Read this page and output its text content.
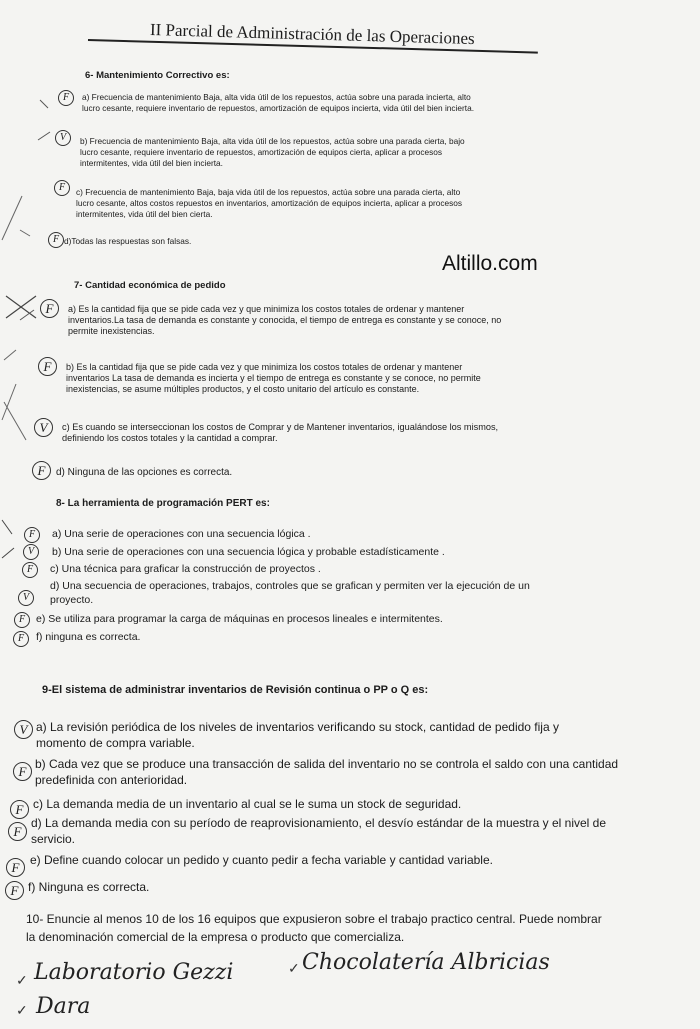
II Parcial de Administración de las Operaciones
Altillo.com
6- Mantenimiento Correctivo es:
F	a) Frecuencia de mantenimiento Baja, alta vida útil de los repuestos, actúa sobre una parada incierta, alto
lucro cesante, requiere inventario de repuestos, amortización de equipos incierta, vida útil del bien incierta.
V	b) Frecuencia de mantenimiento Baja, alta vida útil de los repuestos, actúa sobre una parada cierta, bajo
lucro cesante, requiere inventario de repuestos, amortización de equipos cierta, aplicar a procesos
intermitentes, vida útil del bien incierta.
F	c) Frecuencia de mantenimiento Baja, baja vida útil de los repuestos, actúa sobre una parada cierta, alto
lucro cesante, altos costos repuestos en inventarios, amortización de equipos incierta, aplicar a procesos
intermitentes, vida útil del bien cierta.
F d)Todas las respuestas son falsas.
7- Cantidad económica de pedido
F	a) Es la cantidad fija que se pide cada vez y que minimiza los costos totales de ordenar y mantener
inventarios.La tasa de demanda es constante y conocida, el tiempo de entrega es constante y se conoce, no
permite inexistencias.
F	b) Es la cantidad fija que se pide cada vez y que minimiza los costos totales de ordenar y mantener
inventarios La tasa de demanda es incierta y el tiempo de entrega es constante y se conoce, no permite
inexistencias, se asume múltiples productos, y el costo unitario del artículo es constante.
V	c) Es cuando se interseccionan los costos de Comprar y de Mantener inventarios, igualándose los mismos,
definiendo los costos totales y la cantidad a comprar.
F	d) Ninguna de las opciones es correcta.
8- La herramienta de programación PERT es:
F	a) Una serie de operaciones con una secuencia lógica .
V	b) Una serie de operaciones con una secuencia lógica y probable estadísticamente .
F	c) Una técnica para graficar la construcción de proyectos .
V
d) Una secuencia de operaciones, trabajos, controles que se grafican y permiten ver la ejecución de un
proyecto.
F	e) Se utiliza para programar la carga de máquinas en procesos lineales e intermitentes.
F	f) ninguna es correcta.
9-El sistema de administrar inventarios de Revisión continua o PP o Q es:
V a) La revisión periódica de los niveles de inventarios verificando su stock, cantidad de pedido fija y
momento de compra variable.
F b) Cada vez que se produce una transacción de salida del inventario no se controla el saldo con una cantidad
predefinida con anterioridad.
F c) La demanda media de un inventario al cual se le suma un stock de seguridad.
F
d) La demanda media con su período de reaprovisionamiento, el desvío estándar de la muestra y el nivel de
servicio.
F e) Define cuando colocar un pedido y cuanto pedir a fecha variable y cantidad variable.
F f) Ninguna es correcta.
10- Enuncie al menos 10 de los 16 equipos que expusieron sobre el trabajo practico central. Puede nombrar
la denominación comercial de la empresa o producto que comercializa.
✓ Laboratorio Gezzi	✓ Chocolatería Albricias
✓ Dara
